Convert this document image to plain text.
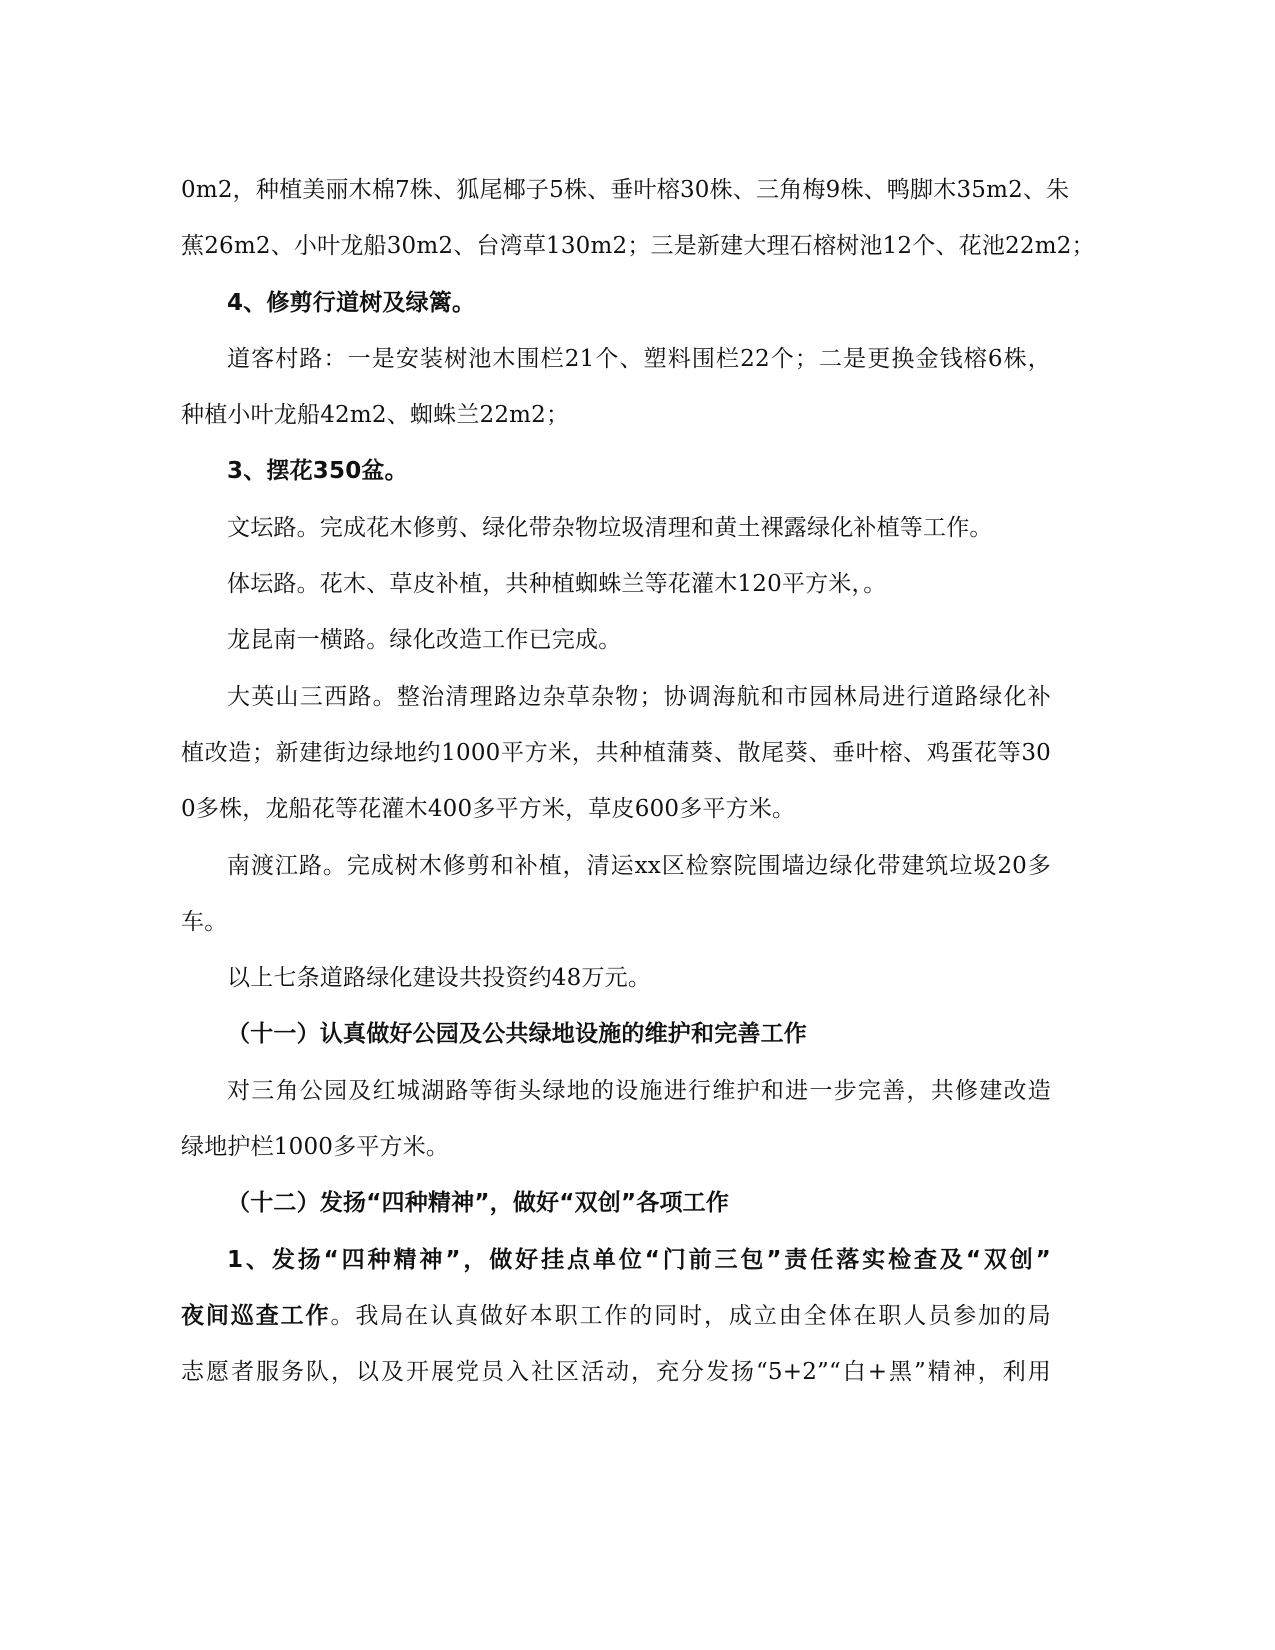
0m2，种植美丽木棉7株、狐尾椰子5株、垂叶榕30株、三角梅9株、鸭脚木35m2、朱
蕉26m2、小叶龙船30m2、台湾草130m2；三是新建大理石榕树池12个、花池22m2；
4、修剪行道树及绿篱。
道客村路：一是安装树池木围栏21个、塑料围栏22个；二是更换金钱榕6株，
种植小叶龙船42m2、蜘蛛兰22m2；
3、摆花350盆。
文坛路。完成花木修剪、绿化带杂物垃圾清理和黄土裸露绿化补植等工作。
体坛路。花木、草皮补植，共种植蜘蛛兰等花灌木120平方米，。
龙昆南一横路。绿化改造工作已完成。
大英山三西路。整治清理路边杂草杂物；协调海航和市园林局进行道路绿化补
植改造；新建街边绿地约1000平方米，共种植蒲葵、散尾葵、垂叶榕、鸡蛋花等30
0多株，龙船花等花灌木400多平方米，草皮600多平方米。
南渡江路。完成树木修剪和补植，清运xx区检察院围墙边绿化带建筑垃圾20多
车。
以上七条道路绿化建设共投资约48万元。
（十一）认真做好公园及公共绿地设施的维护和完善工作
对三角公园及红城湖路等街头绿地的设施进行维护和进一步完善，共修建改造
绿地护栏1000多平方米。
（十二）发扬“四种精神”，做好“双创”各项工作
1、发扬“四种精神”，做好挂点单位“门前三包”责任落实检查及“双创”
夜间巡查工作。我局在认真做好本职工作的同时，成立由全体在职人员参加的局
志愿者服务队，以及开展党员入社区活动，充分发扬“5+2”“白+黑”精神，利用
